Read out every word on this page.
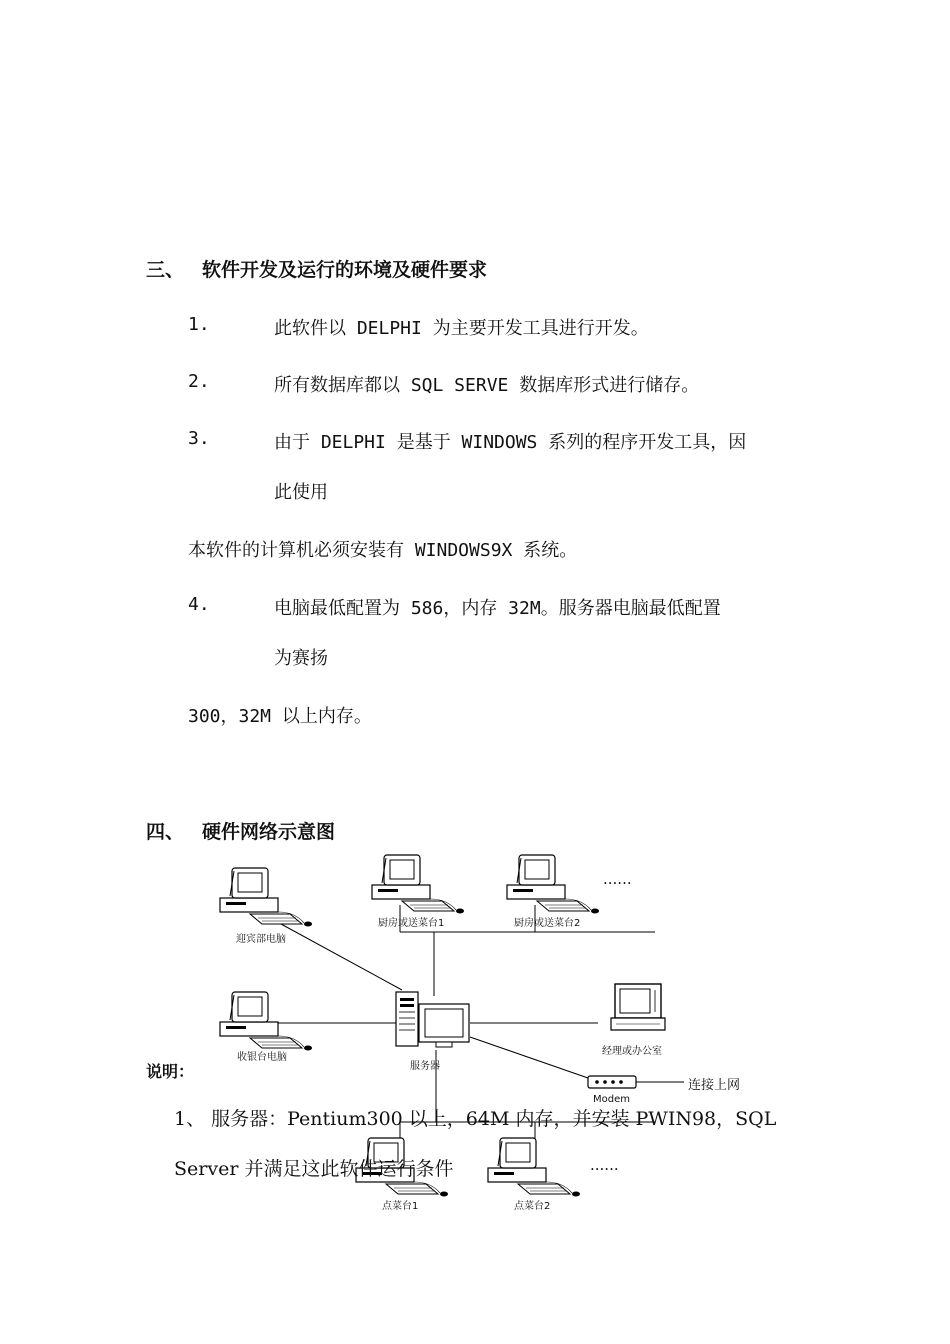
三、 软件开发及运行的环境及硬件要求
1.	此软件以 DELPHI 为主要开发工具进行开发。
2.	所有数据库都以 SQL SERVE 数据库形式进行储存。
3.	由于 DELPHI 是基于 WINDOWS 系列的程序开发工具，因
此使用
本软件的计算机必须安装有 WINDOWS9X 系统。
4.	电脑最低配置为 586，内存 32M。服务器电脑最低配置
为赛扬
300，32M 以上内存。
四、 硬件网络示意图
迎宾部电脑
厨房或送菜台1	厨房或送菜台2
......
收银台电脑
服务器
经理或办公室
Modem
连接上网
点菜台1	点菜台2
......
说明：
1、 服务器：Pentium300 以上，64M 内存，并安装 PWIN98，SQL
Server 并满足这此软件运行条件
